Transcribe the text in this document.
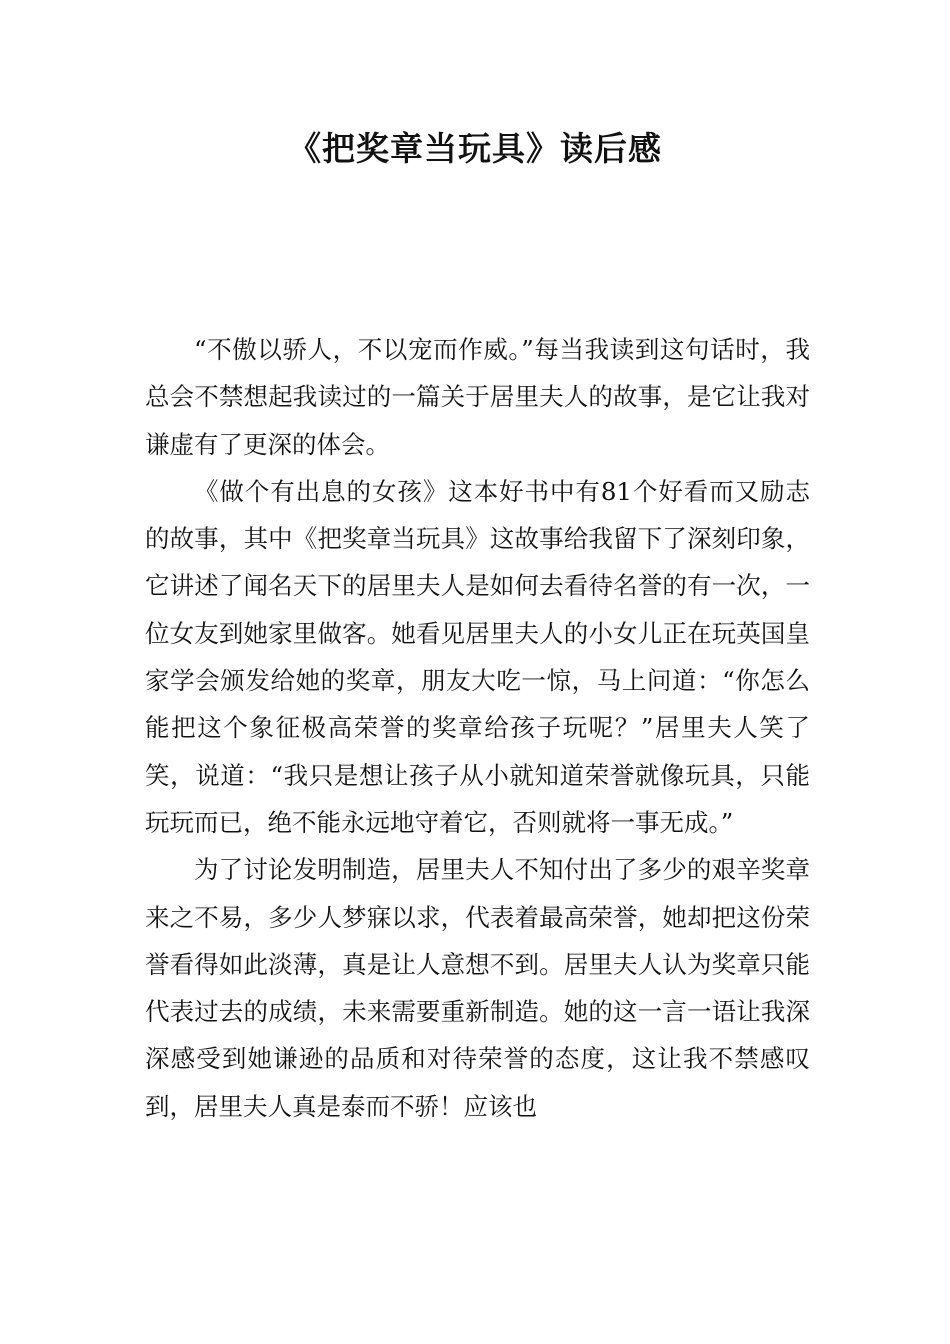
《把奖章当玩具》读后感

“不傲以骄人，不以宠而作威。”每当我读到这句话时，我总会不禁想起我读过的一篇关于居里夫人的故事，是它让我对谦虚有了更深的体会。

《做个有出息的女孩》这本好书中有81个好看而又励志的故事，其中《把奖章当玩具》这故事给我留下了深刻印象，它讲述了闻名天下的居里夫人是如何去看待名誉的有一次，一位女友到她家里做客。她看见居里夫人的小女儿正在玩英国皇家学会颁发给她的奖章，朋友大吃一惊，马上问道：“你怎么能把这个象征极高荣誉的奖章给孩子玩呢？”居里夫人笑了笑，说道：“我只是想让孩子从小就知道荣誉就像玩具，只能玩玩而已，绝不能永远地守着它，否则就将一事无成。”

为了讨论发明制造，居里夫人不知付出了多少的艰辛奖章来之不易，多少人梦寐以求，代表着最高荣誉，她却把这份荣誉看得如此淡薄，真是让人意想不到。居里夫人认为奖章只能代表过去的成绩，未来需要重新制造。她的这一言一语让我深深感受到她谦逊的品质和对待荣誉的态度，这让我不禁感叹到，居里夫人真是泰而不骄！应该也
